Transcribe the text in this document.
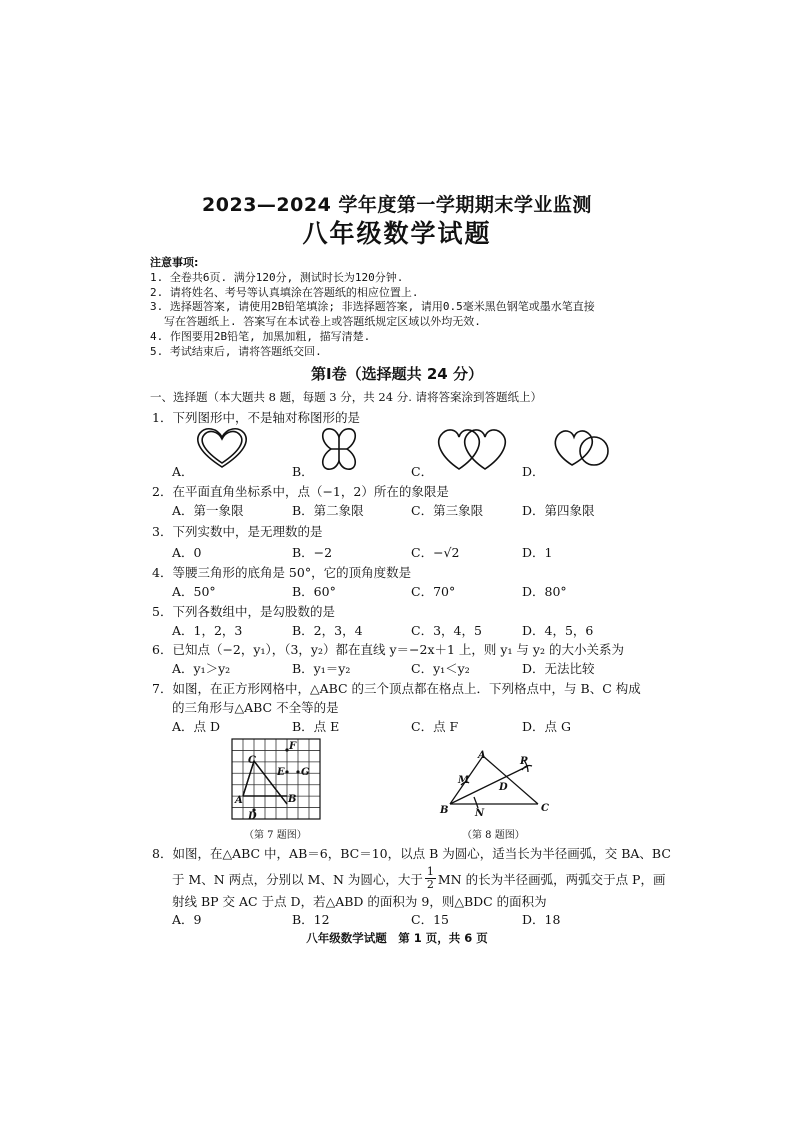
2023—2024 学年度第一学期期末学业监测
八年级数学试题
注意事项:
1. 全卷共6页. 满分120分, 测试时长为120分钟.
2. 请将姓名、考号等认真填涂在答题纸的相应位置上.
3. 选择题答案, 请使用2B铅笔填涂; 非选择题答案, 请用0.5毫米黑色钢笔或墨水笔直接
写在答题纸上. 答案写在本试卷上或答题纸规定区域以外均无效.
4. 作图要用2B铅笔, 加黑加粗, 描写清楚.
5. 考试结束后, 请将答题纸交回.
第Ⅰ卷（选择题共 24 分）
一、选择题（本大题共 8 题，每题 3 分，共 24 分. 请将答案涂到答题纸上）
1．下列图形中，不是轴对称图形的是
A．	B．	C．	D．
2．在平面直角坐标系中，点（−1，2）所在的象限是
A．第一象限	B．第二象限	C．第三象限	D．第四象限
3．下列实数中，是无理数的是
A．0	B．−2	C．−√2	D．1
4．等腰三角形的底角是 50°，它的顶角度数是
A．50°	B．60°	C．70°	D．80°
5．下列各数组中，是勾股数的是
A．1，2，3	B．2，3，4	C．3，4，5	D．4，5，6
6．已知点（−2，y₁），（3，y₂）都在直线 y＝−2x＋1 上，则 y₁ 与 y₂ 的大小关系为
A．y₁＞y₂	B．y₁＝y₂	C．y₁＜y₂	D．无法比较
7．如图，在正方形网格中，△ABC 的三个顶点都在格点上．下列格点中，与 B、C 构成
的三角形与△ABC 不全等的是
A．点 D	B．点 E	C．点 F	D．点 G
A	B
C
D
E
F
G
（第 7 题图）
A
B	C
D
M
N
P
（第 8 题图）
8．如图，在△ABC 中，AB＝6，BC＝10，以点 B 为圆心，适当长为半径画弧，交 BA、BC
于 M、N 两点，分别以 M、N 为圆心，大于 $\frac{1}{2}$ MN 的长为半径画弧，两弧交于点 P，画
射线 BP 交 AC 于点 D，若△ABD 的面积为 9，则△BDC 的面积为
A．9	B．12	C．15	D．18
八年级数学试题　第 1 页，共 6 页
